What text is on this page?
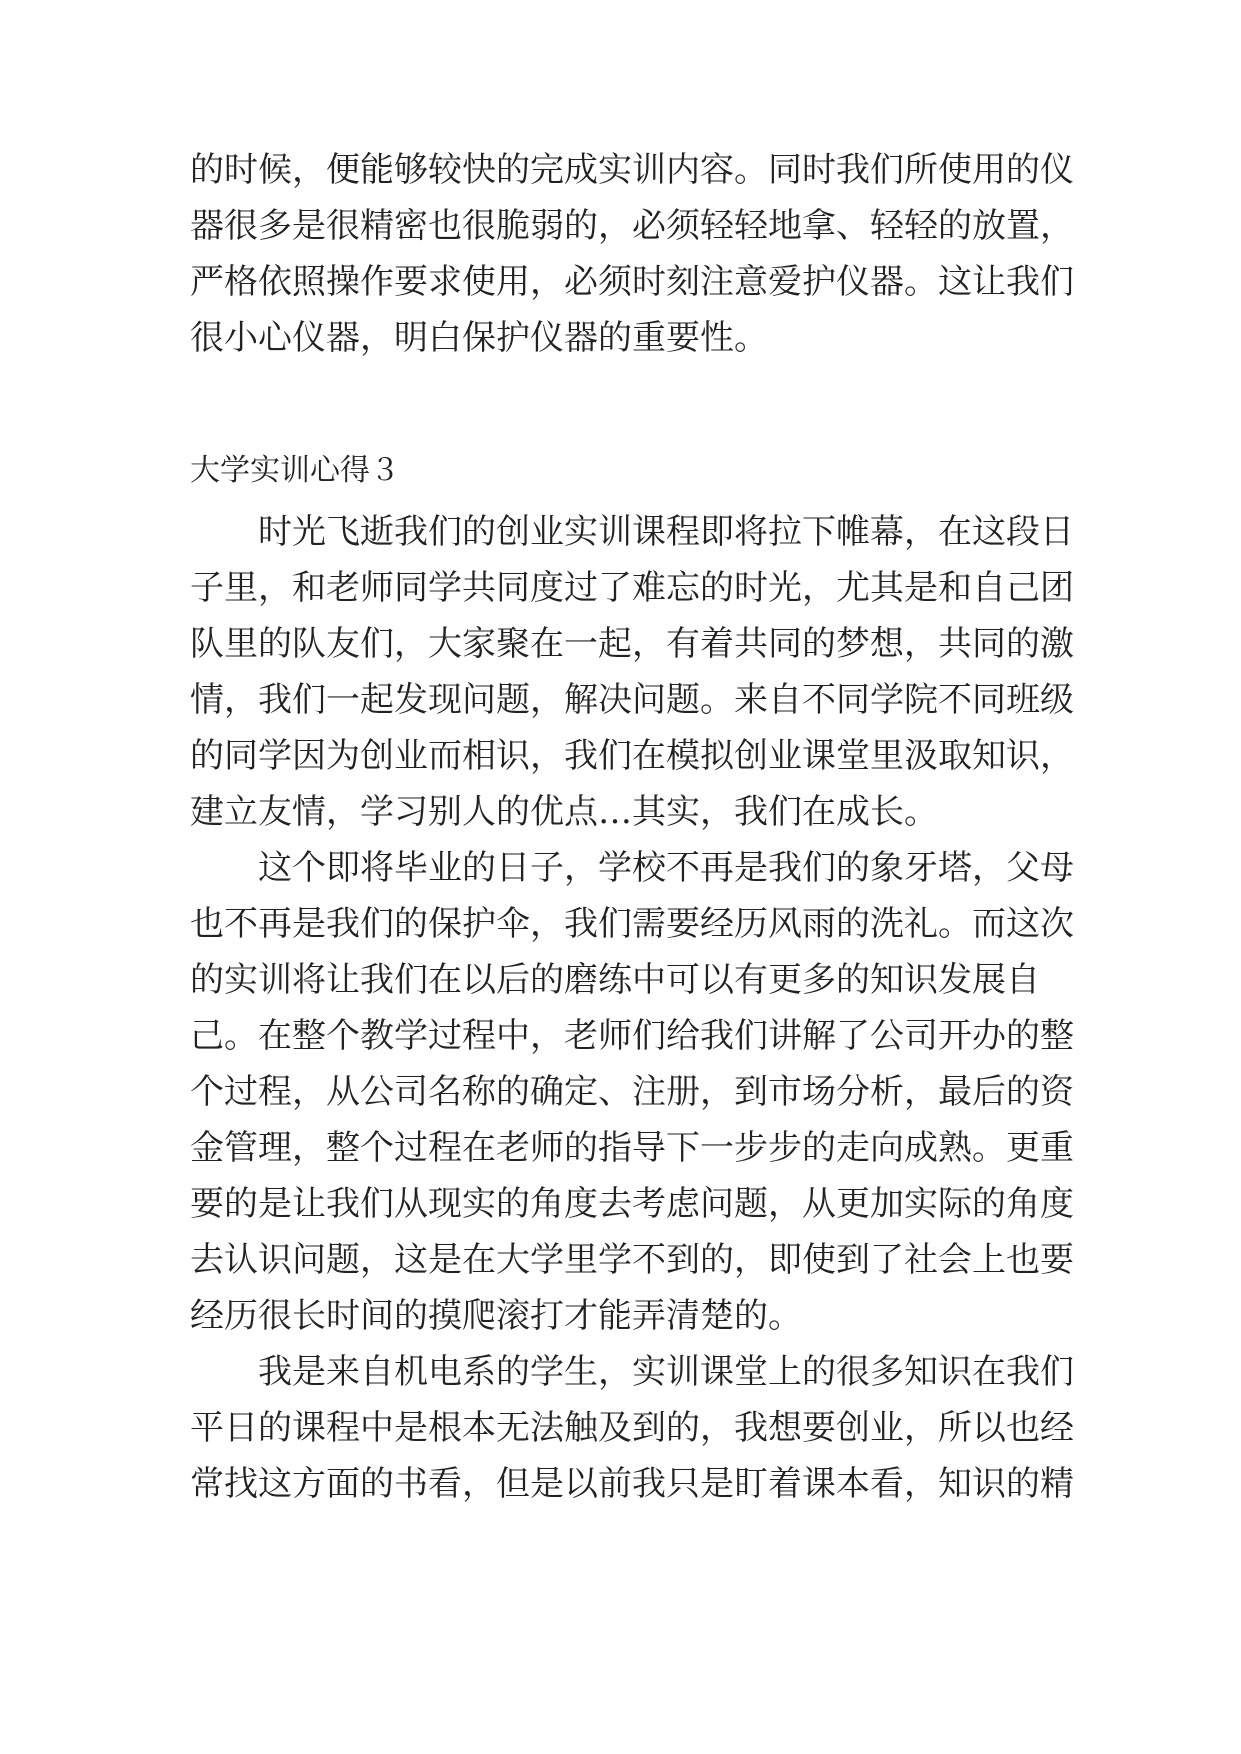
的时候，便能够较快的完成实训内容。同时我们所使用的仪
器很多是很精密也很脆弱的，必须轻轻地拿、轻轻的放置，
严格依照操作要求使用，必须时刻注意爱护仪器。这让我们
很小心仪器，明白保护仪器的重要性。
大学实训心得３
　　时光飞逝我们的创业实训课程即将拉下帷幕，在这段日
子里，和老师同学共同度过了难忘的时光，尤其是和自己团
队里的队友们，大家聚在一起，有着共同的梦想，共同的激
情，我们一起发现问题，解决问题。来自不同学院不同班级
的同学因为创业而相识，我们在模拟创业课堂里汲取知识，
建立友情，学习别人的优点…其实，我们在成长。
　　这个即将毕业的日子，学校不再是我们的象牙塔，父母
也不再是我们的保护伞，我们需要经历风雨的洗礼。而这次
的实训将让我们在以后的磨练中可以有更多的知识发展自
己。在整个教学过程中，老师们给我们讲解了公司开办的整
个过程，从公司名称的确定、注册，到市场分析，最后的资
金管理，整个过程在老师的指导下一步步的走向成熟。更重
要的是让我们从现实的角度去考虑问题，从更加实际的角度
去认识问题，这是在大学里学不到的，即使到了社会上也要
经历很长时间的摸爬滚打才能弄清楚的。
　　我是来自机电系的学生，实训课堂上的很多知识在我们
平日的课程中是根本无法触及到的，我想要创业，所以也经
常找这方面的书看，但是以前我只是盯着课本看，知识的精
